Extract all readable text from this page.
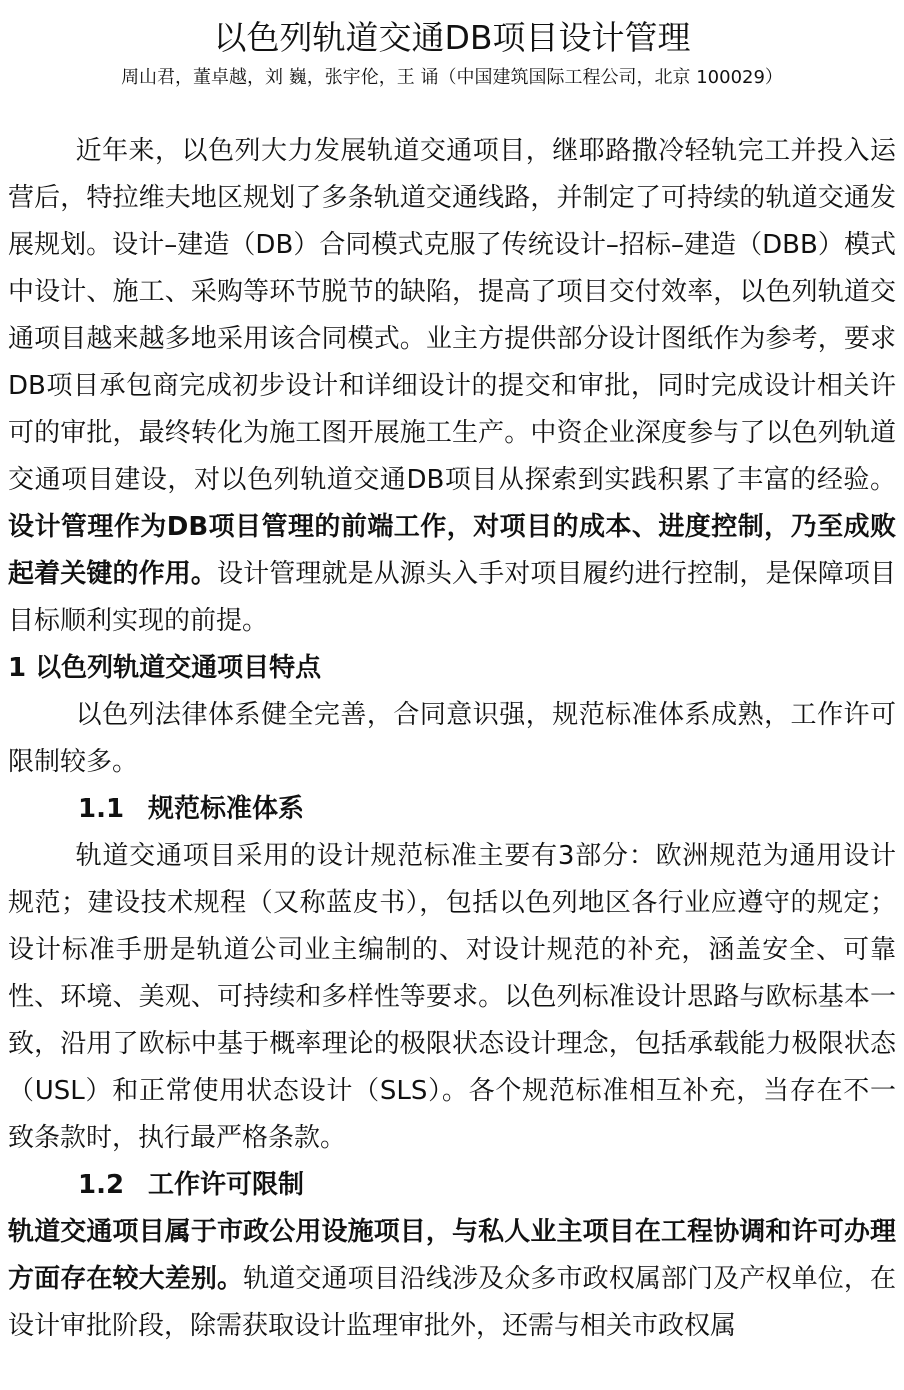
以色列轨道交通DB项目设计管理
周山君，董卓越，刘 巍，张宇伦，王 诵（中国建筑国际工程公司，北京 100029）

近年来，以色列大力发展轨道交通项目，继耶路撒冷轻轨完工并投入运营后，特拉维夫地区规划了多条轨道交通线路，并制定了可持续的轨道交通发展规划。设计–建造（DB）合同模式克服了传统设计–招标–建造（DBB）模式中设计、施工、采购等环节脱节的缺陷，提高了项目交付效率，以色列轨道交通项目越来越多地采用该合同模式。业主方提供部分设计图纸作为参考，要求DB项目承包商完成初步设计和详细设计的提交和审批，同时完成设计相关许可的审批，最终转化为施工图开展施工生产。中资企业深度参与了以色列轨道交通项目建设，对以色列轨道交通DB项目从探索到实践积累了丰富的经验。设计管理作为DB项目管理的前端工作，对项目的成本、进度控制，乃至成败起着关键的作用。设计管理就是从源头入手对项目履约进行控制，是保障项目目标顺利实现的前提。

1 以色列轨道交通项目特点

以色列法律体系健全完善，合同意识强，规范标准体系成熟，工作许可限制较多。

1.1 规范标准体系

轨道交通项目采用的设计规范标准主要有3部分：欧洲规范为通用设计规范；建设技术规程（又称蓝皮书），包括以色列地区各行业应遵守的规定；设计标准手册是轨道公司业主编制的、对设计规范的补充，涵盖安全、可靠性、环境、美观、可持续和多样性等要求。以色列标准设计思路与欧标基本一致，沿用了欧标中基于概率理论的极限状态设计理念，包括承载能力极限状态（USL）和正常使用状态设计（SLS）。各个规范标准相互补充，当存在不一致条款时，执行最严格条款。

1.2 工作许可限制

轨道交通项目属于市政公用设施项目，与私人业主项目在工程协调和许可办理方面存在较大差别。轨道交通项目沿线涉及众多市政权属部门及产权单位，在设计审批阶段，除需获取设计监理审批外，还需与相关市政权属
